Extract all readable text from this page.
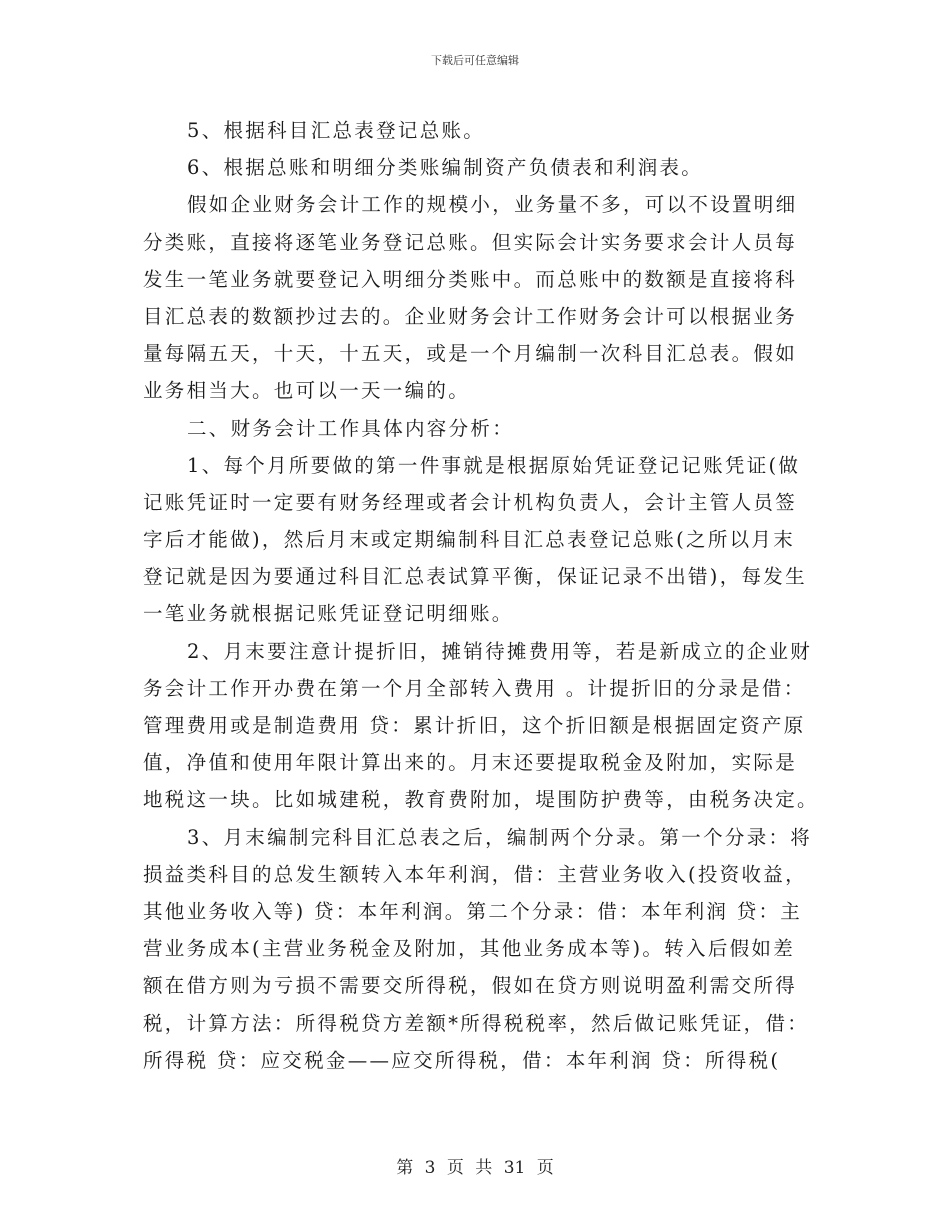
下载后可任意编辑
5、根据科目汇总表登记总账。
6、根据总账和明细分类账编制资产负债表和利润表。
假如企业财务会计工作的规模小，业务量不多，可以不设置明细
分类账，直接将逐笔业务登记总账。但实际会计实务要求会计人员每
发生一笔业务就要登记入明细分类账中。而总账中的数额是直接将科
目汇总表的数额抄过去的。企业财务会计工作财务会计可以根据业务
量每隔五天，十天，十五天，或是一个月编制一次科目汇总表。假如
业务相当大。也可以一天一编的。
二、财务会计工作具体内容分析：
1、每个月所要做的第一件事就是根据原始凭证登记记账凭证(做
记账凭证时一定要有财务经理或者会计机构负责人，会计主管人员签
字后才能做)，然后月末或定期编制科目汇总表登记总账(之所以月末
登记就是因为要通过科目汇总表试算平衡，保证记录不出错)，每发生
一笔业务就根据记账凭证登记明细账。
2、月末要注意计提折旧，摊销待摊费用等，若是新成立的企业财
务会计工作开办费在第一个月全部转入费用 。计提折旧的分录是借：
管理费用或是制造费用 贷：累计折旧，这个折旧额是根据固定资产原
值，净值和使用年限计算出来的。月末还要提取税金及附加，实际是
地税这一块。比如城建税，教育费附加，堤围防护费等，由税务决定。
3、月末编制完科目汇总表之后，编制两个分录。第一个分录：将
损益类科目的总发生额转入本年利润，借：主营业务收入(投资收益，
其他业务收入等) 贷：本年利润。第二个分录：借：本年利润 贷：主
营业务成本(主营业务税金及附加，其他业务成本等)。转入后假如差
额在借方则为亏损不需要交所得税，假如在贷方则说明盈利需交所得
税，计算方法：所得税贷方差额*所得税税率，然后做记账凭证，借：
所得税 贷：应交税金——应交所得税，借：本年利润 贷：所得税(
第 3 页 共 31 页
